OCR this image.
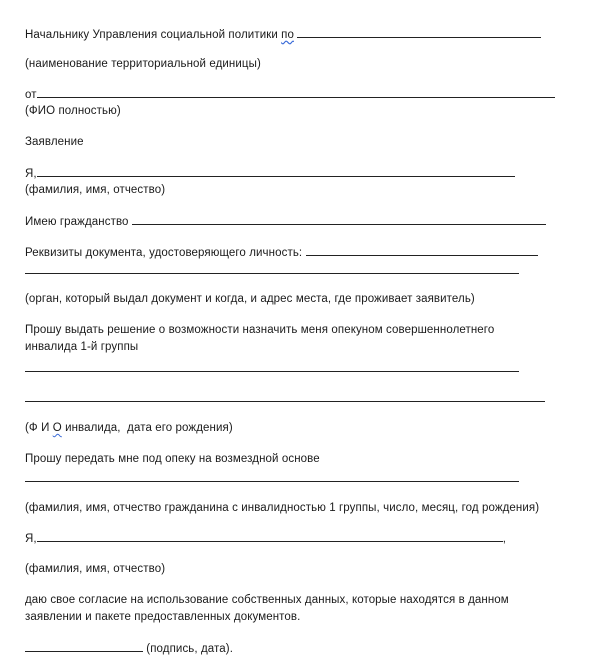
Начальнику Управления социальной политики по
(наименование территориальной единицы)
от
(ФИО полностью)
Заявление
Я,
(фамилия, имя, отчество)
Имею гражданство
Реквизиты документа, удостоверяющего личность:
(орган, который выдал документ и когда, и адрес места, где проживает заявитель)
Прошу выдать решение о возможности назначить меня опекуном совершеннолетнего
инвалида 1-й группы
(Ф И О инвалида,  дата его рождения)
Прошу передать мне под опеку на возмездной основе
(фамилия, имя, отчество гражданина с инвалидностью 1 группы, число, месяц, год рождения)
Я,	,
(фамилия, имя, отчество)
даю свое согласие на использование собственных данных, которые находятся в данном
заявлении и пакете предоставленных документов.
(подпись, дата).
